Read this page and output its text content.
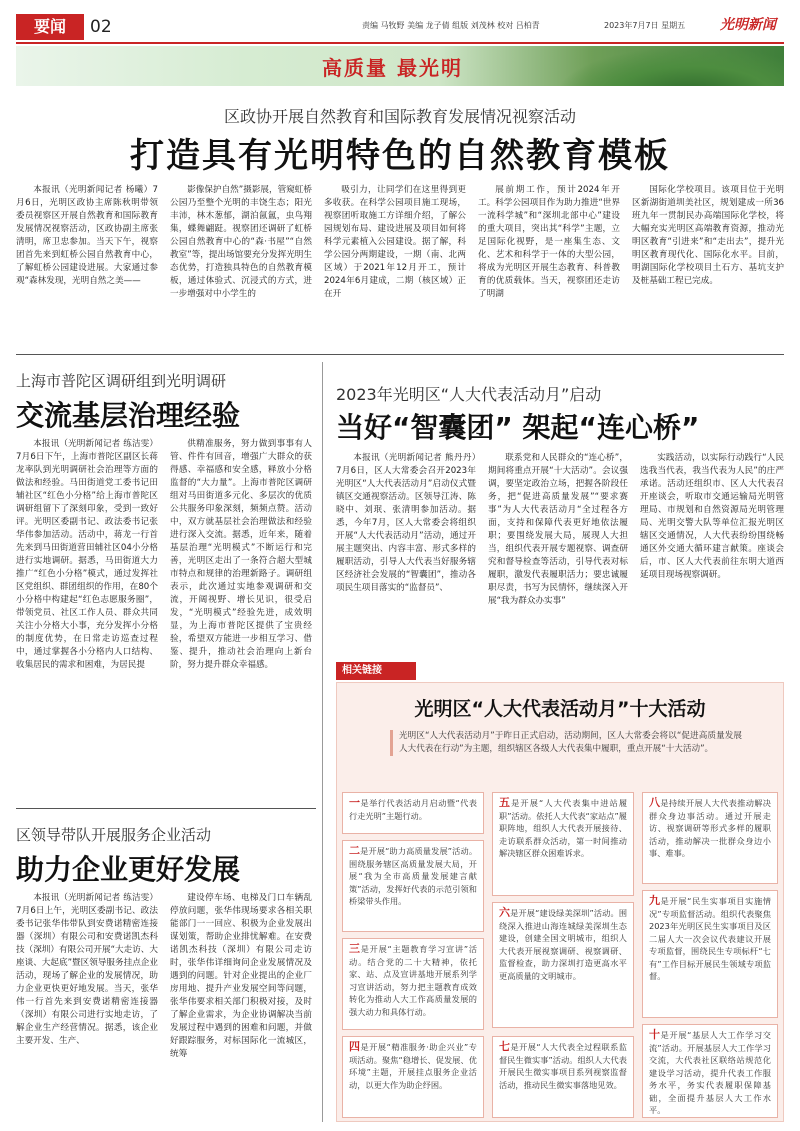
要闻	02	责编 马牧野 美编 龙子倩 组版 刘茂林 校对 吕柏青	2023年7月7日 星期五 光明新闻
高质量 最光明
区政协开展自然教育和国际教育发展情况视察活动
打造具有光明特色的自然教育模板

本报讯（光明新闻记者 杨曦）7月6日，光明区政协主席陈秋明带领委员视察区开展自然教育和国际教育发展情况视察活动，区政协副主席张清明，席卫忠参加。当天下午，视察团首先来到虹桥公园自然教育中心，了解虹桥公园建设进展。大家通过参观“森林发现，光明自然之美——

影像保护自然”摄影展，管窥虹桥公园乃至整个光明的丰饶生态；阳光丰沛，林木葱郁，湖泊氤氲，虫鸟翔集，蝶舞翩跹。视察团还调研了虹桥公园自然教育中心的“森·书屋”“自然教室”等，提出场馆要充分发挥光明生态优势，打造独具特色的自然教育模板，通过体验式、沉浸式的方式，进一步增强对中小学生的

吸引力，让同学们在这里得到更多收获。在科学公园项目施工现场，视察团听取施工方详细介绍，了解公园规划布局、建设进展及项目如何将科学元素植入公园建设。据了解，科学公园分两期建设，一期（南、北两区域）于2021年12月开工，预计2024年6月建成，二期（核区域）正在开

展前期工作，预计2024年开工。科学公园项目作为助力推进“世界一流科学城”和“深圳北部中心”建设的重大项目，突出其“科学”主题，立足国际化视野，是一座集生态、文化、艺术和科学于一体的大型公园，将成为光明区开展生态教育、科普教育的优质载体。当天，视察团还走访了明湖

国际化学校项目。该项目位于光明区新湖街道圳美社区，规划建成一所36班九年一贯制民办高端国际化学校，将大幅充实光明区高端教育资源，推动光明区教育“引进来”和“走出去”，提升光明区教育现代化、国际化水平。目前，明湖国际化学校项目土石方、基坑支护及桩基础工程已完成。

上海市普陀区调研组到光明调研
交流基层治理经验

本报讯（光明新闻记者 练洁雯）7月6日下午，上海市普陀区副区长蒋龙率队到光明调研社会治理等方面的做法和经验。马田街道党工委书记田辅社区“红色小分格”给上海市普陀区调研组留下了深刻印象，受到一致好评。光明区委副书记、政法委书记张华伟参加活动。活动中，蒋龙一行首先来到马田街道营田辅社区04小分格进行实地调研。据悉，马田街道大力推广“红色小分格”模式，通过发挥社区党组织、群团组织的作用，在80个小分格中构建起“红色志愿服务圈”，带领党员、社区工作人员、群众共同关注小分格大小事，充分发挥小分格的制度优势，在日常走访巡查过程中，通过掌握各小分格内人口结构、收集居民的需求和困难，为居民提

供精准服务，努力做到事事有人管、件件有回音，增强广大群众的获得感、幸福感和安全感，释放小分格监督的“大力量”。上海市普陀区调研组对马田街道多元化、多层次的优质公共服务印象深刻，频频点赞。活动中，双方就基层社会治理做法和经验进行深入交流。据悉，近年来，随着基层治理“光明模式”不断运行和完善，光明区走出了一条符合超大型城市特点和规律的治理新路子。调研组表示，此次通过实地参观调研和交流，开阔视野、增长见识，很受启发，“光明模式”经验先进，成效明显，为上海市普陀区提供了宝贵经验，希望双方能进一步相互学习、借鉴、提升，推动社会治理向上新台阶，努力提升群众幸福感。

2023年光明区“人大代表活动月”启动
当好“智囊团” 架起“连心桥”

本报讯（光明新闻记者 熊丹丹）7月6日，区人大常委会召开2023年光明区“人大代表活动月”启动仪式暨镇区交通视察活动。区领导江涛、陈晓中、刘珉、张清明参加活动。据悉，今年7月，区人大常委会将组织开展“人大代表活动月”活动，通过开展主题突出、内容丰富、形式多样的履职活动，引导人大代表当好服务辖区经济社会发展的“智囊团”，推动各项民生项目落实的“监督员”、

联系党和人民群众的“连心桥”，期间将重点开展“十大活动”。会议强调，要坚定政治立场，把握各阶段任务，把“促进高质量发展”“要求赛事”为人大代表活动月“全过程各方面，支持和保障代表更好地依法履职；要围绕发展大局，展现人大担当，组织代表开展专题视察、调查研究和督导检查等活动，引导代表对标履职，激发代表履职活力；要忠诚履职尽责，书写为民情怀，继续深入开展“我为群众办实事”

实践活动，以实际行动践行“人民选我当代表，我当代表为人民”的庄严承诺。活动还组织市、区人大代表召开座谈会，听取市交通运输局光明管理局、市规划和自然资源局光明管理局、光明交警大队等单位汇报光明区辖区交通情况，人大代表纷纷围绕畅通区外交通大循环建言献策。座谈会后，市、区人大代表前往东明大道西延项目现场视察调研。

相关链接
光明区“人大代表活动月”十大活动
光明区“人大代表活动月”于昨日正式启动，活动期间，区人大常委会将以“促进高质量发展 人大代表在行动”为主题，组织辖区各级人大代表集中履职，重点开展“十大活动”。
一是举行代表活动月启动暨“代表行走光明”主题行动。
二是开展“助力高质量发展”活动。围绕服务辖区高质量发展大局，开展“我为全市高质量发展建言献策”活动，发挥好代表的示范引领和桥梁带头作用。
三是开展“主题教育学习宣讲”活动。结合党的二十大精神，依托家、站、点及宣讲基地开展系列学习宣讲活动，努力把主题教育成效转化为推动人大工作高质量发展的强大动力和具体行动。
四是开展“精准服务·助企兴业”专项活动。聚焦“稳增长、促发展、优环境”主题，开展挂点服务企业活动，以更大作为助企纾困。
五是开展“人大代表集中进站履职”活动。依托人大代表“家站点”履职阵地，组织人大代表开展接待、走访联系群众活动，第一时间推动解决辖区群众困难诉求。
六是开展“建设绿美深圳”活动。围绕深入推进山海连城绿美深圳生态建设，创建全国文明城市，组织人大代表开展视察调研、视察调研、监督检查，助力深圳打造更高水平更高质量的文明城市。
七是开展“人大代表全过程联系监督民生微实事”活动。组织人大代表开展民生微实事项目系列视察监督活动，推动民生微实事落地见效。
八是持续开展人大代表推动解决群众身边事活动。通过开展走访、视察调研等形式多样的履职活动，推动解决一批群众身边小事、难事。
九是开展“民生实事项目实施情况”专项监督活动。组织代表聚焦2023年光明区民生实事项目及区二届人大一次会议代表建议开展专项监督，围绕民生专项标杆“七有”工作目标开展民生领域专项监督。
十是开展“基层人大工作学习交流”活动。开展基层人大工作学习交流，大代表社区联络站规范化建设学习活动，提升代表工作服务水平，务实代表履职保障基础，全面提升基层人大工作水平。
区领导带队开展服务企业活动
助力企业更好发展

本报讯（光明新闻记者 练洁雯）7月6日上午，光明区委副书记、政法委书记张华伟带队到安费诺精密连接器（深圳）有限公司和安费诺凯杰科技（深圳）有限公司开展“大走访、大座谈、大起底”暨区领导服务挂点企业活动，现场了解企业的发展情况，助力企业更快更好地发展。当天，张华伟一行首先来到安费诺精密连接器（深圳）有限公司进行实地走访，了解企业生产经营情况。据悉，该企业主要开发、生产、

建设停车场、电梯及门口车辆乱停放问题，张华伟现场要求各相关职能部门一一回应、积极为企业发展出谋划策，帮助企业排忧解难。在安费诺凯杰科技（深圳）有限公司走访时，张华伟详细询问企业发展情况及遇到的问题。针对企业提出的企业厂房用地、提升产业发展空间等问题，张华伟要求相关部门积极对接，及时了解企业需求，为企业协调解决当前发展过程中遇到的困难和问题，并做好跟踪服务，对标国际化一流城区，统筹
